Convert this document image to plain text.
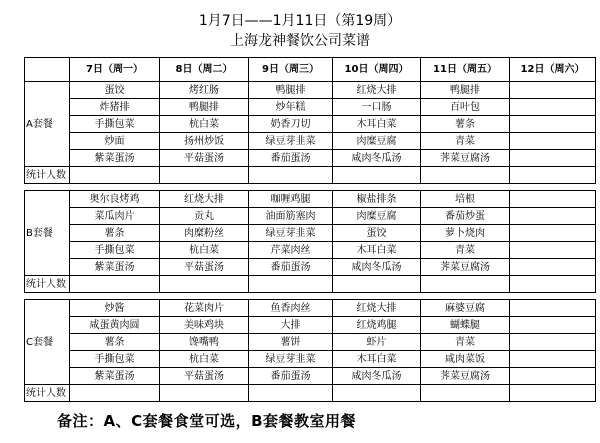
1月7日——1月11日（第19周）
上海龙神餐饮公司菜谱
	7日（周一）	8日（周二）	9日（周三）	10日（周四）	11日（周五）	12日（周六）
A套餐	蛋饺	烤红肠	鸭腿排	红烧大排	鸭腿排	
	炸猪排	鸭腿排	炒年糕	一口肠	百叶包	
	手撕包菜	杭白菜	奶香刀切	木耳白菜	薯条	
	炒面	扬州炒饭	绿豆芽韭菜	肉糜豆腐	青菜	
	紫菜蛋汤	平菇蛋汤	番茄蛋汤	咸肉冬瓜汤	荠菜豆腐汤	
统计人数						

B套餐	奥尔良烤鸡	红烧大排	咖喱鸡腿	椒盐排条	培根	
	菜瓜肉片	贡丸	油面筋塞肉	肉糜豆腐	番茄炒蛋	
	薯条	肉糜粉丝	绿豆芽韭菜	蛋饺	萝卜烧肉	
	手撕包菜	杭白菜	芹菜肉丝	木耳白菜	青菜	
	紫菜蛋汤	平菇蛋汤	番茄蛋汤	咸肉冬瓜汤	荠菜豆腐汤	
统计人数						

C套餐	炒酱	花菜肉片	鱼香肉丝	红烧大排	麻婆豆腐	
	咸蛋黄肉圆	美味鸡块	大排	红烧鸡腿	蝴蝶腿	
	薯条	馋嘴鸭	薯饼	虾片	青菜	
	手撕包菜	杭白菜	绿豆芽韭菜	木耳白菜	咸肉菜饭	
	紫菜蛋汤	平菇蛋汤	番茄蛋汤	咸肉冬瓜汤	荠菜豆腐汤	
统计人数						
备注：A、C套餐食堂可选，B套餐教室用餐
